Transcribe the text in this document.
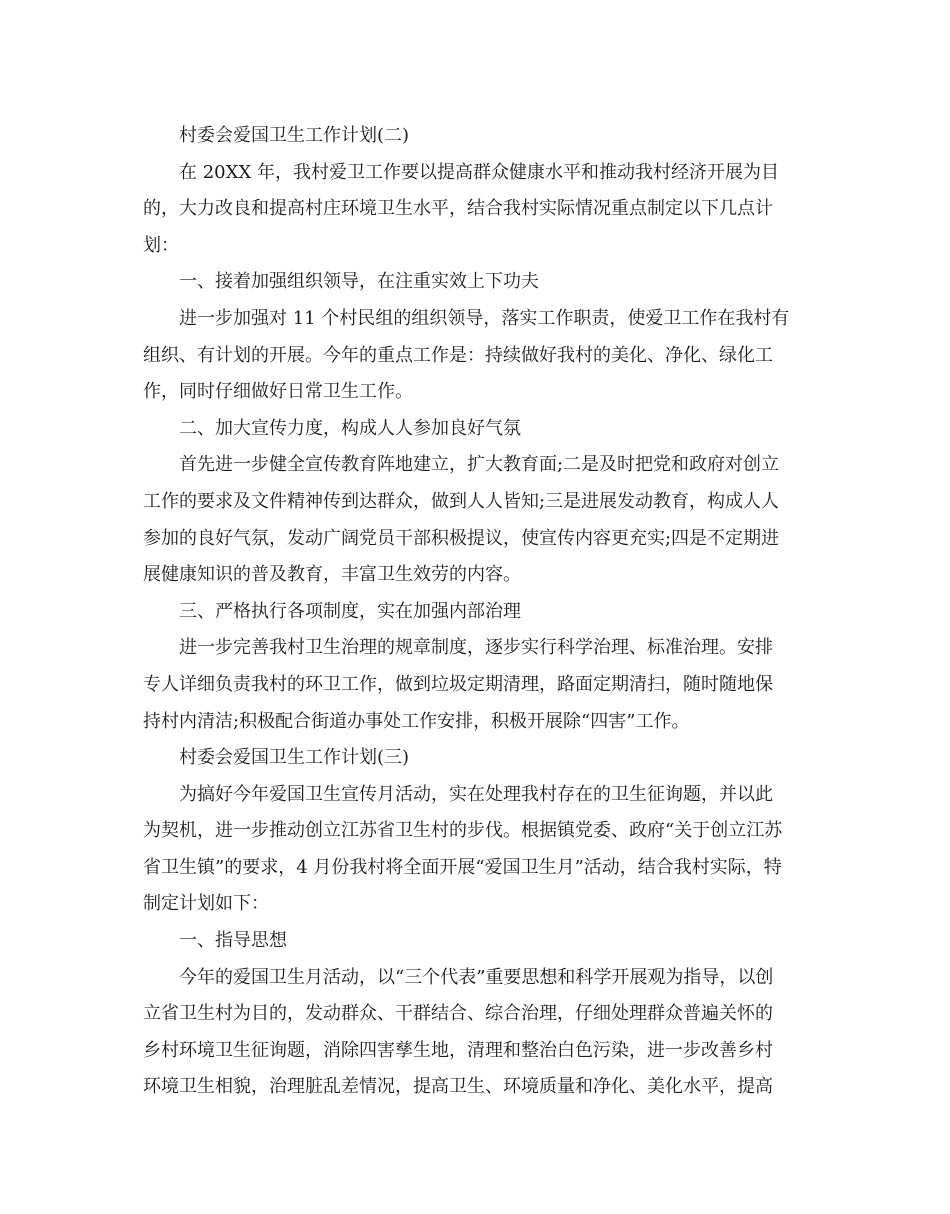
村委会爱国卫生工作计划(二)
在 20XX 年，我村爱卫工作要以提高群众健康水平和推动我村经济开展为目
的，大力改良和提高村庄环境卫生水平，结合我村实际情况重点制定以下几点计
划：
一、接着加强组织领导，在注重实效上下功夫
进一步加强对 11 个村民组的组织领导，落实工作职责，使爱卫工作在我村有
组织、有计划的开展。今年的重点工作是：持续做好我村的美化、净化、绿化工
作，同时仔细做好日常卫生工作。
二、加大宣传力度，构成人人参加良好气氛
首先进一步健全宣传教育阵地建立，扩大教育面;二是及时把党和政府对创立
工作的要求及文件精神传到达群众，做到人人皆知;三是进展发动教育，构成人人
参加的良好气氛，发动广阔党员干部积极提议，使宣传内容更充实;四是不定期进
展健康知识的普及教育，丰富卫生效劳的内容。
三、严格执行各项制度，实在加强内部治理
进一步完善我村卫生治理的规章制度，逐步实行科学治理、标准治理。安排
专人详细负责我村的环卫工作，做到垃圾定期清理，路面定期清扫，随时随地保
持村内清洁;积极配合街道办事处工作安排，积极开展除“四害”工作。
村委会爱国卫生工作计划(三)
为搞好今年爱国卫生宣传月活动，实在处理我村存在的卫生征询题，并以此
为契机，进一步推动创立江苏省卫生村的步伐。根据镇党委、政府“关于创立江苏
省卫生镇”的要求，4 月份我村将全面开展“爱国卫生月”活动，结合我村实际，特
制定计划如下：
一、指导思想
今年的爱国卫生月活动，以“三个代表”重要思想和科学开展观为指导，以创
立省卫生村为目的，发动群众、干群结合、综合治理，仔细处理群众普遍关怀的
乡村环境卫生征询题，消除四害孳生地，清理和整治白色污染，进一步改善乡村
环境卫生相貌，治理脏乱差情况，提高卫生、环境质量和净化、美化水平，提高
